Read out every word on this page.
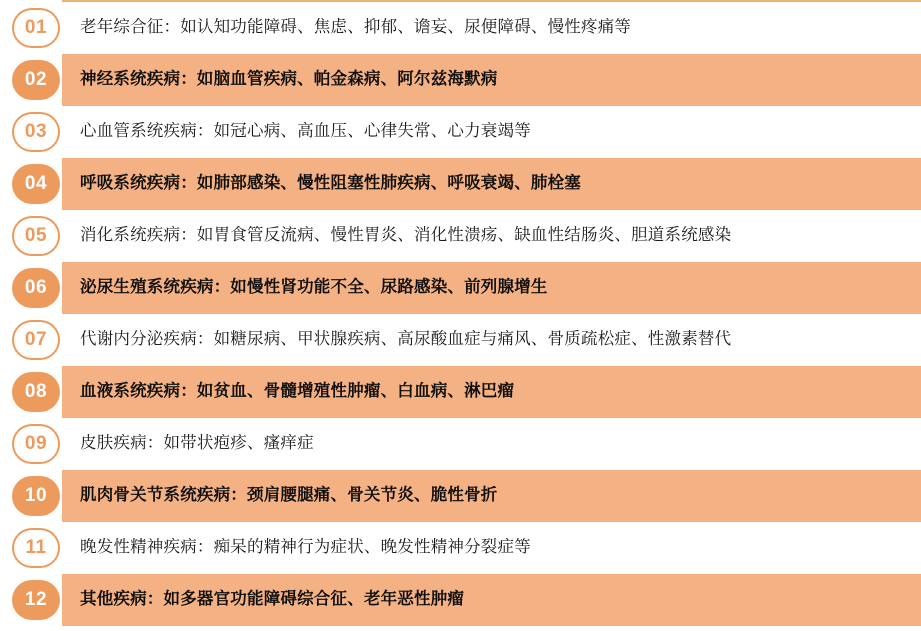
01	老年综合征：如认知功能障碍、焦虑、抑郁、谵妄、尿便障碍、慢性疼痛等
02	神经系统疾病：如脑血管疾病、帕金森病、阿尔兹海默病
03	心血管系统疾病：如冠心病、高血压、心律失常、心力衰竭等
04	呼吸系统疾病：如肺部感染、慢性阻塞性肺疾病、呼吸衰竭、肺栓塞
05	消化系统疾病：如胃食管反流病、慢性胃炎、消化性溃疡、缺血性结肠炎、胆道系统感染
06	泌尿生殖系统疾病：如慢性肾功能不全、尿路感染、前列腺增生
07	代谢内分泌疾病：如糖尿病、甲状腺疾病、高尿酸血症与痛风、骨质疏松症、性激素替代
08	血液系统疾病：如贫血、骨髓增殖性肿瘤、白血病、淋巴瘤
09	皮肤疾病：如带状疱疹、瘙痒症
10	肌肉骨关节系统疾病：颈肩腰腿痛、骨关节炎、脆性骨折
11	晚发性精神疾病：痴呆的精神行为症状、晚发性精神分裂症等
12	其他疾病：如多器官功能障碍综合征、老年恶性肿瘤
